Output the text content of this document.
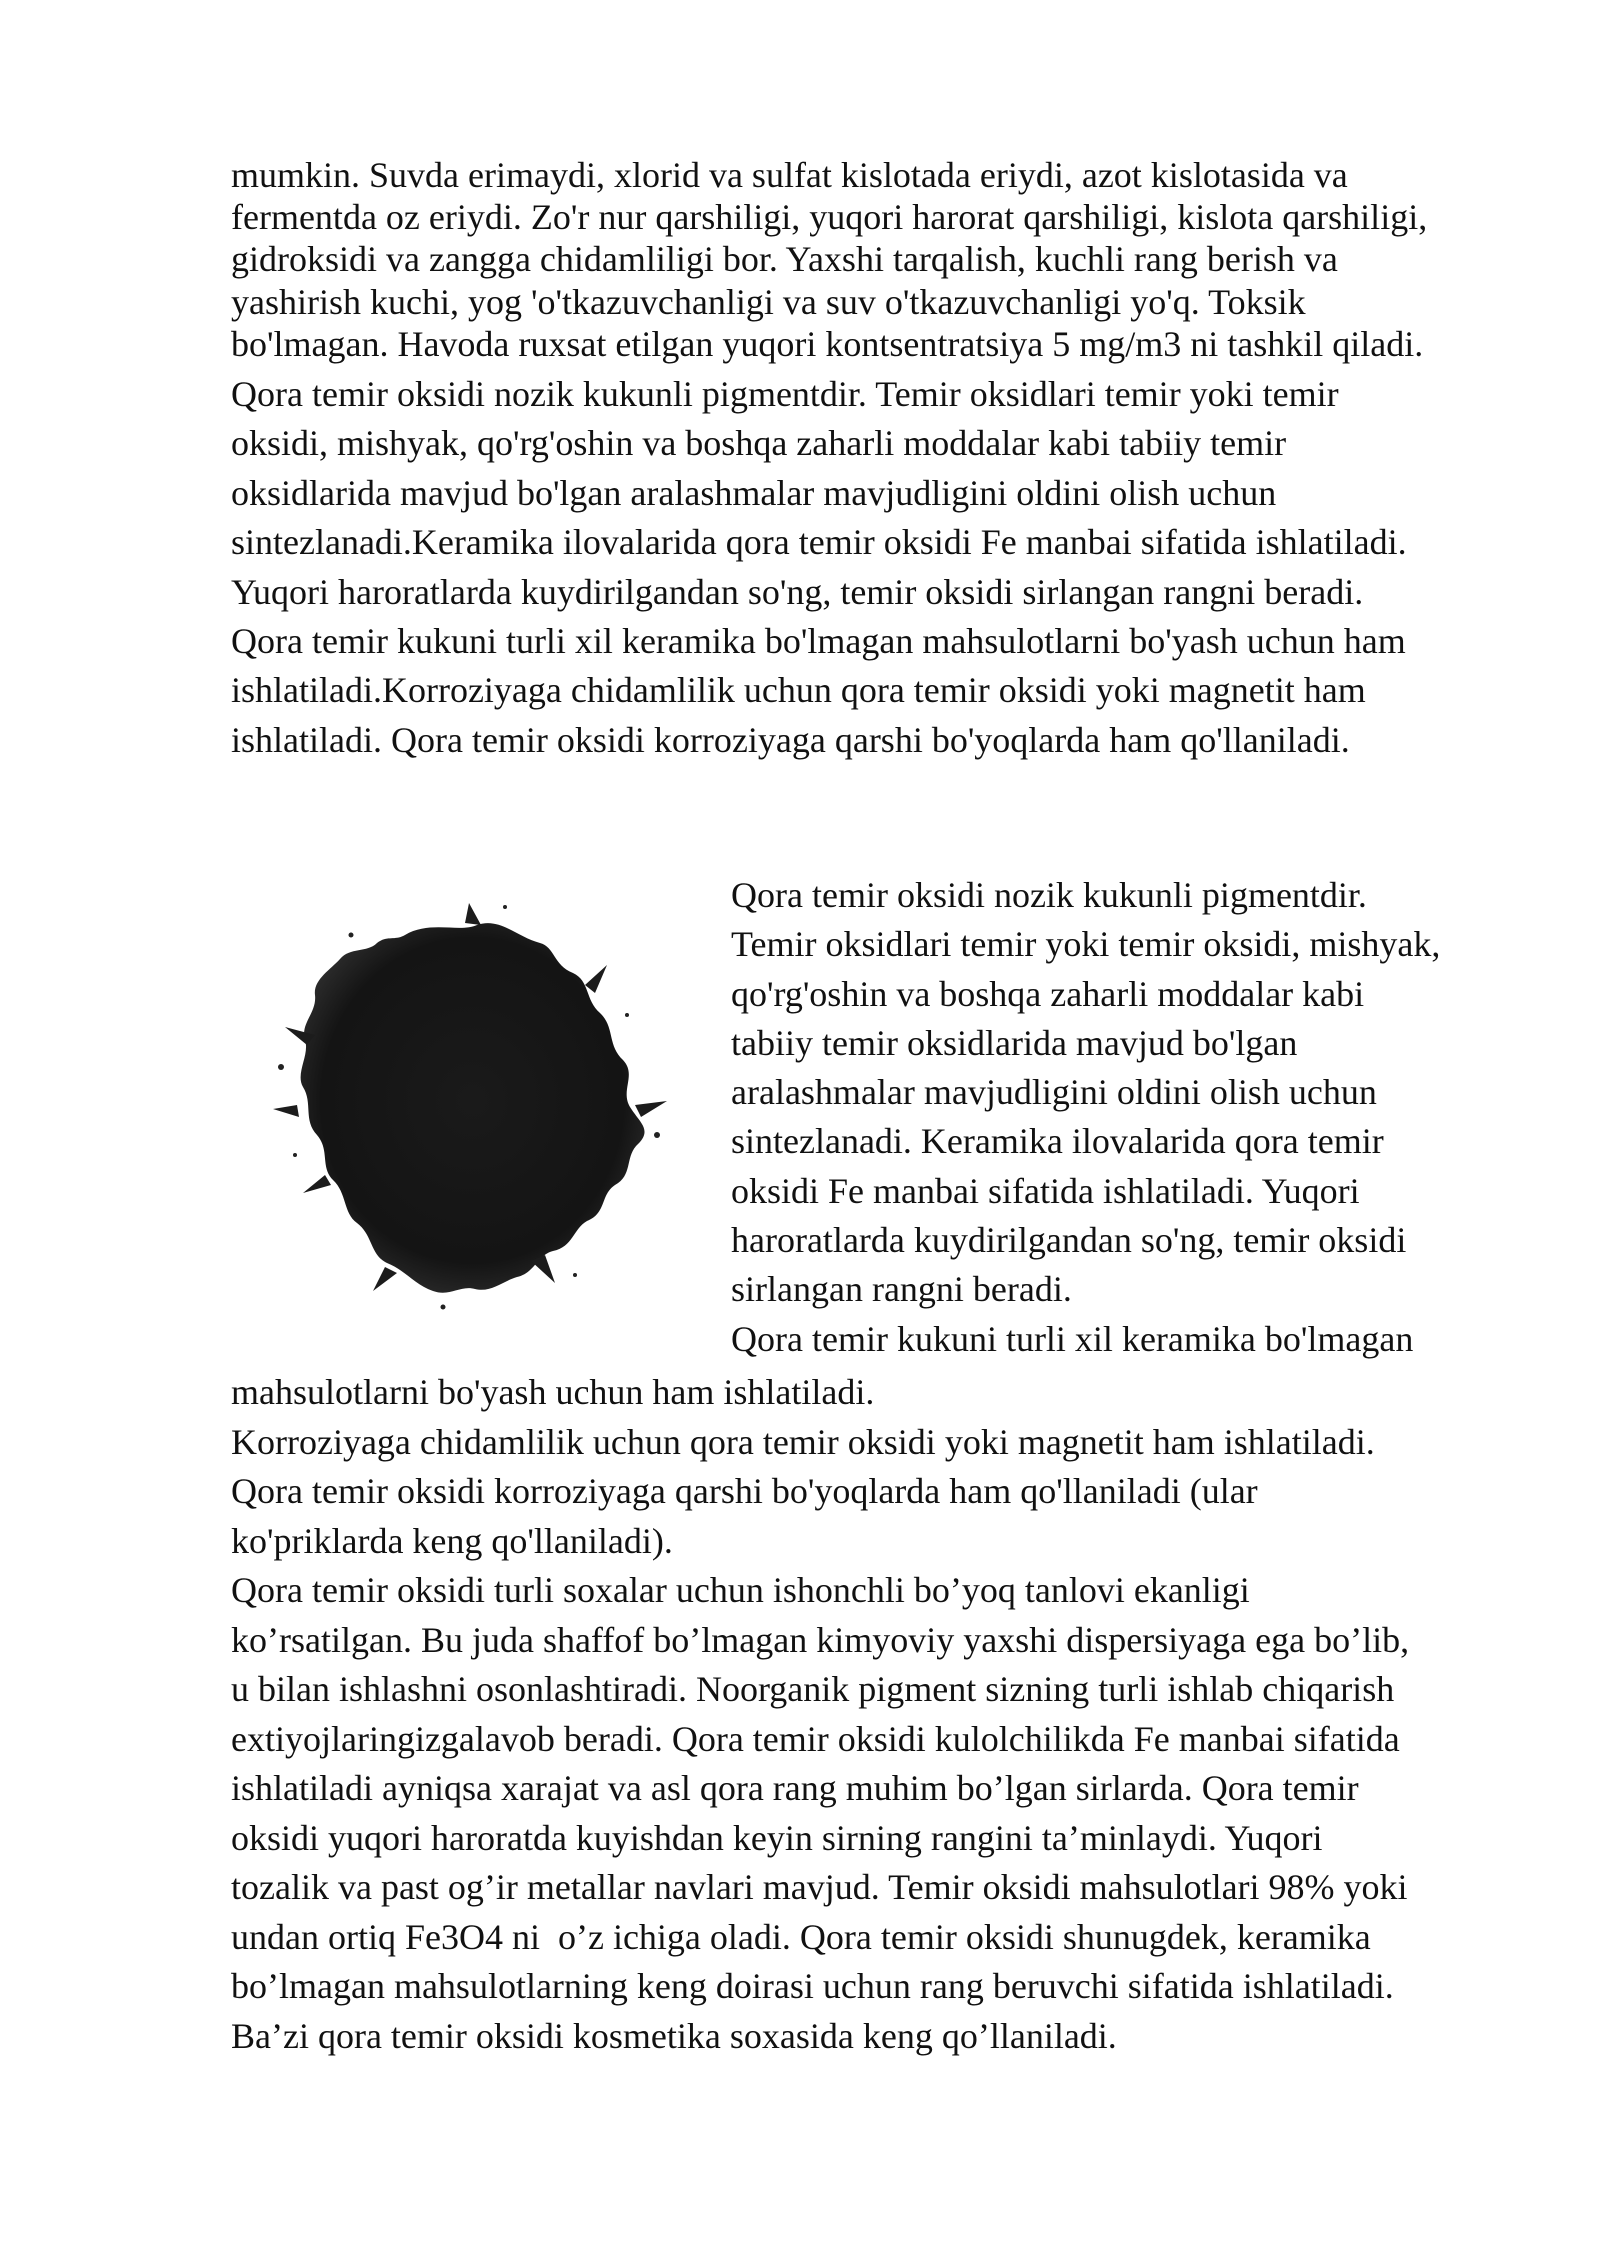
mumkin. Suvda erimaydi, xlorid va sulfat kislotada eriydi, azot kislotasida va
fermentda oz eriydi. Zo'r nur qarshiligi, yuqori harorat qarshiligi, kislota qarshiligi,
gidroksidi va zangga chidamliligi bor. Yaxshi tarqalish, kuchli rang berish va
yashirish kuchi, yog 'o'tkazuvchanligi va suv o'tkazuvchanligi yo'q. Toksik
bo'lmagan. Havoda ruxsat etilgan yuqori kontsentratsiya 5 mg/m3 ni tashkil qiladi.
Qora temir oksidi nozik kukunli pigmentdir. Temir oksidlari temir yoki temir
oksidi, mishyak, qo'rg'oshin va boshqa zaharli moddalar kabi tabiiy temir
oksidlarida mavjud bo'lgan aralashmalar mavjudligini oldini olish uchun
sintezlanadi.Keramika ilovalarida qora temir oksidi Fe manbai sifatida ishlatiladi.
Yuqori haroratlarda kuydirilgandan so'ng, temir oksidi sirlangan rangni beradi.
Qora temir kukuni turli xil keramika bo'lmagan mahsulotlarni bo'yash uchun ham
ishlatiladi.Korroziyaga chidamlilik uchun qora temir oksidi yoki magnetit ham
ishlatiladi. Qora temir oksidi korroziyaga qarshi bo'yoqlarda ham qo'llaniladi.
Qora temir oksidi nozik kukunli pigmentdir.
Temir oksidlari temir yoki temir oksidi, mishyak,
qo'rg'oshin va boshqa zaharli moddalar kabi
tabiiy temir oksidlarida mavjud bo'lgan
aralashmalar mavjudligini oldini olish uchun
sintezlanadi. Keramika ilovalarida qora temir
oksidi Fe manbai sifatida ishlatiladi. Yuqori
haroratlarda kuydirilgandan so'ng, temir oksidi
sirlangan rangni beradi.
Qora temir kukuni turli xil keramika bo'lmagan
mahsulotlarni bo'yash uchun ham ishlatiladi.
Korroziyaga chidamlilik uchun qora temir oksidi yoki magnetit ham ishlatiladi.
Qora temir oksidi korroziyaga qarshi bo'yoqlarda ham qo'llaniladi (ular
ko'priklarda keng qo'llaniladi).
Qora temir oksidi turli soxalar uchun ishonchli bo’yoq tanlovi ekanligi
ko’rsatilgan. Bu juda shaffof bo’lmagan kimyoviy yaxshi dispersiyaga ega bo’lib,
u bilan ishlashni osonlashtiradi. Noorganik pigment sizning turli ishlab chiqarish
extiyojlaringizgalavob beradi. Qora temir oksidi kulolchilikda Fe manbai sifatida
ishlatiladi ayniqsa xarajat va asl qora rang muhim bo’lgan sirlarda. Qora temir
oksidi yuqori haroratda kuyishdan keyin sirning rangini ta’minlaydi. Yuqori
tozalik va past og’ir metallar navlari mavjud. Temir oksidi mahsulotlari 98% yoki
undan ortiq Fe3O4 ni  o’z ichiga oladi. Qora temir oksidi shunugdek, keramika
bo’lmagan mahsulotlarning keng doirasi uchun rang beruvchi sifatida ishlatiladi.
Ba’zi qora temir oksidi kosmetika soxasida keng qo’llaniladi.
